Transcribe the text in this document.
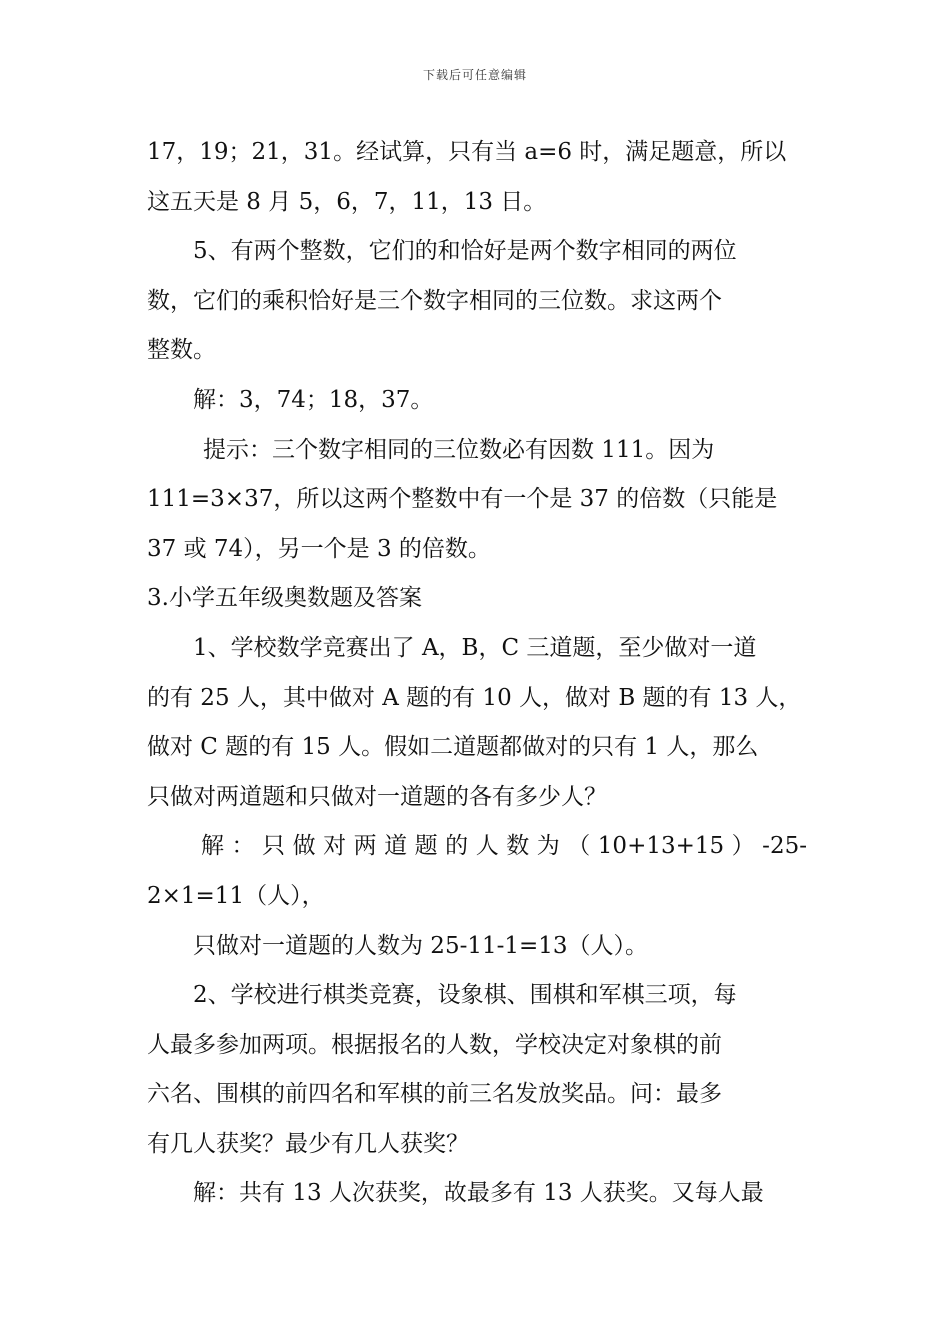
下载后可任意编辑
17，19；21，31。经试算，只有当 a=6 时，满足题意，所以
这五天是 8 月 5，6，7，11，13 日。
5、有两个整数，它们的和恰好是两个数字相同的两位
数，它们的乘积恰好是三个数字相同的三位数。求这两个
整数。
解：3，74；18，37。
提示：三个数字相同的三位数必有因数 111。因为
111=3×37，所以这两个整数中有一个是 37 的倍数（只能是
37 或 74），另一个是 3 的倍数。
3.小学五年级奥数题及答案
1、学校数学竞赛出了 A，B，C 三道题，至少做对一道
的有 25 人，其中做对 A 题的有 10 人，做对 B 题的有 13 人，
做对 C 题的有 15 人。假如二道题都做对的只有 1 人，那么
只做对两道题和只做对一道题的各有多少人？
解：只做对两道题的人数为（10+13+15）-25-
2×1=11（人），
只做对一道题的人数为 25-11-1=13（人）。
2、学校进行棋类竞赛，设象棋、围棋和军棋三项，每
人最多参加两项。根据报名的人数，学校决定对象棋的前
六名、围棋的前四名和军棋的前三名发放奖品。问：最多
有几人获奖？最少有几人获奖？
解：共有 13 人次获奖，故最多有 13 人获奖。又每人最
